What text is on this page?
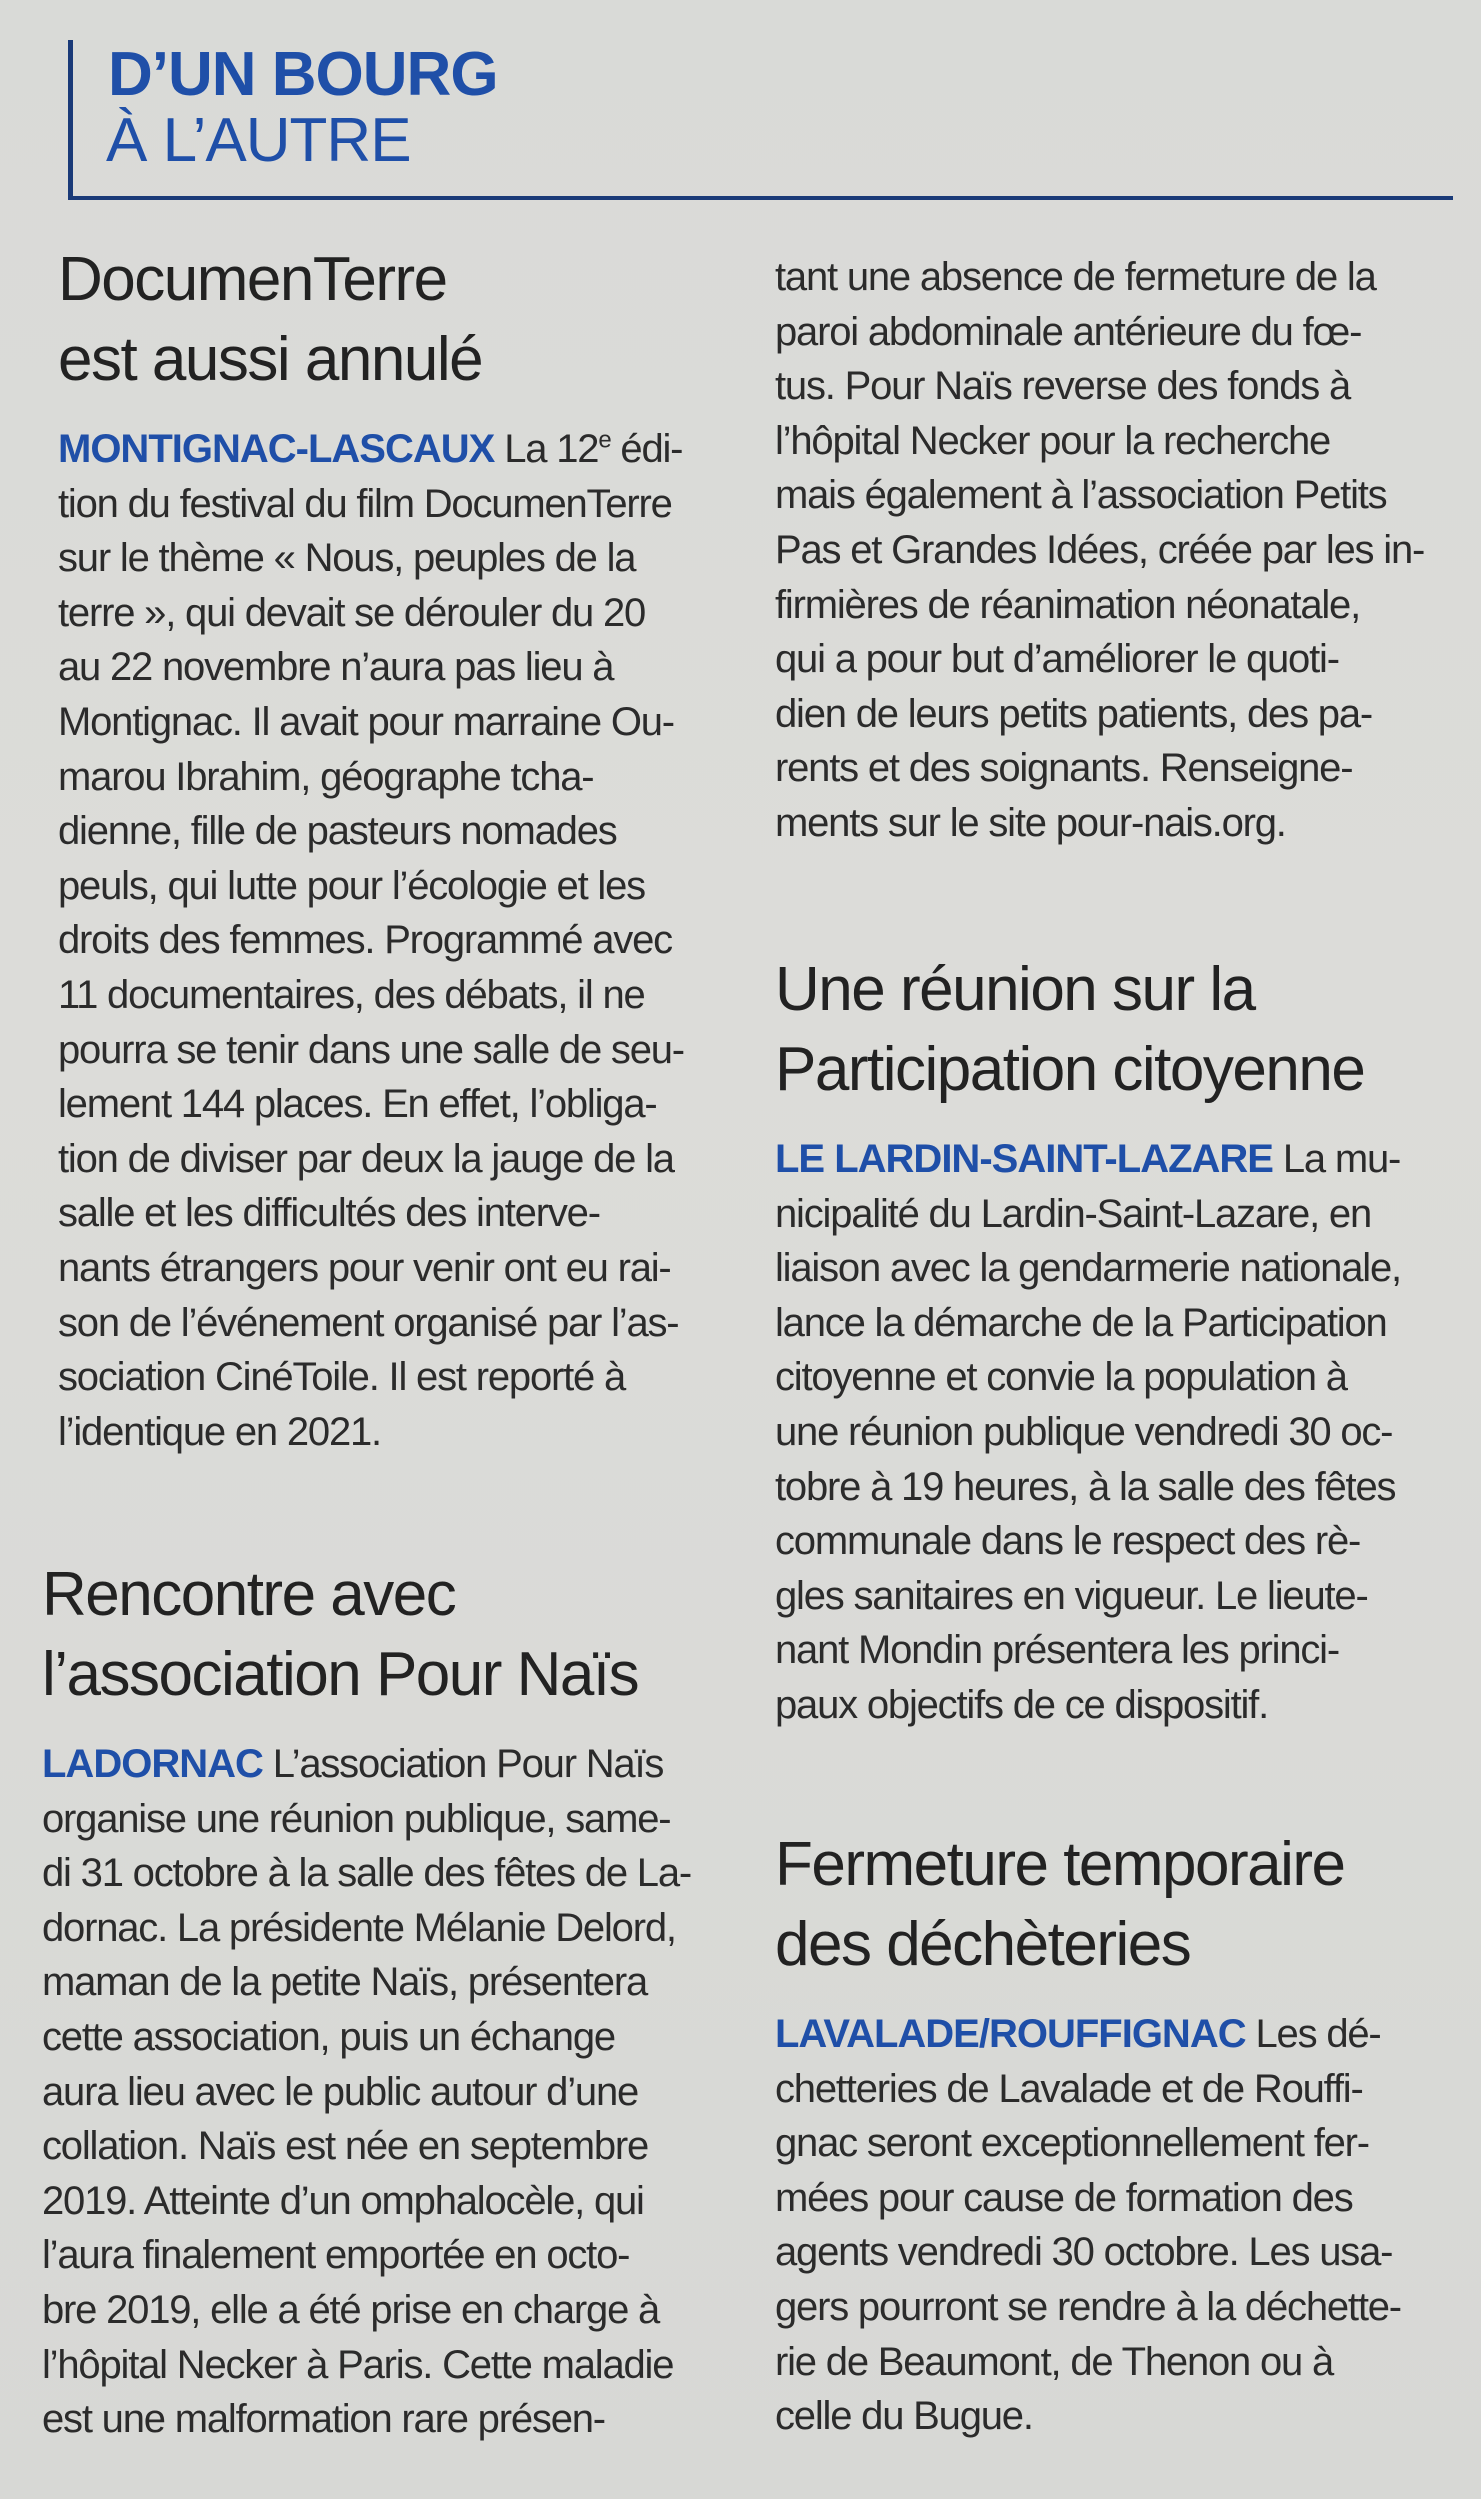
D’UN BOURG
À L’AUTRE
DocumenTerre
est aussi annulé
MONTIGNAC-LASCAUX La 12e édi-
tion du festival du film DocumenTerre
sur le thème « Nous, peuples de la
terre », qui devait se dérouler du 20
au 22 novembre n’aura pas lieu à
Montignac. Il avait pour marraine Ou-
marou Ibrahim, géographe tcha-
dienne, fille de pasteurs nomades
peuls, qui lutte pour l’écologie et les
droits des femmes. Programmé avec
11 documentaires, des débats, il ne
pourra se tenir dans une salle de seu-
lement 144 places. En effet, l’obliga-
tion de diviser par deux la jauge de la
salle et les difficultés des interve-
nants étrangers pour venir ont eu rai-
son de l’événement organisé par l’as-
sociation CinéToile. Il est reporté à
l’identique en 2021.
Rencontre avec
l’association Pour Naïs
LADORNAC L’association Pour Naïs
organise une réunion publique, same-
di 31 octobre à la salle des fêtes de La-
dornac. La présidente Mélanie Delord,
maman de la petite Naïs, présentera
cette association, puis un échange
aura lieu avec le public autour d’une
collation. Naïs est née en septembre
2019. Atteinte d’un omphalocèle, qui
l’aura finalement emportée en octo-
bre 2019, elle a été prise en charge à
l’hôpital Necker à Paris. Cette maladie
est une malformation rare présen-
tant une absence de fermeture de la
paroi abdominale antérieure du fœ-
tus. Pour Naïs reverse des fonds à
l’hôpital Necker pour la recherche
mais également à l’association Petits
Pas et Grandes Idées, créée par les in-
firmières de réanimation néonatale,
qui a pour but d’améliorer le quoti-
dien de leurs petits patients, des pa-
rents et des soignants. Renseigne-
ments sur le site pour-nais.org.
Une réunion sur la
Participation citoyenne
LE LARDIN-SAINT-LAZARE La mu-
nicipalité du Lardin-Saint-Lazare, en
liaison avec la gendarmerie nationale,
lance la démarche de la Participation
citoyenne et convie la population à
une réunion publique vendredi 30 oc-
tobre à 19 heures, à la salle des fêtes
communale dans le respect des rè-
gles sanitaires en vigueur. Le lieute-
nant Mondin présentera les princi-
paux objectifs de ce dispositif.
Fermeture temporaire
des déchèteries
LAVALADE/ROUFFIGNAC Les dé-
chetteries de Lavalade et de Rouffi-
gnac seront exceptionnellement fer-
mées pour cause de formation des
agents vendredi 30 octobre. Les usa-
gers pourront se rendre à la déchette-
rie de Beaumont, de Thenon ou à
celle du Bugue.
